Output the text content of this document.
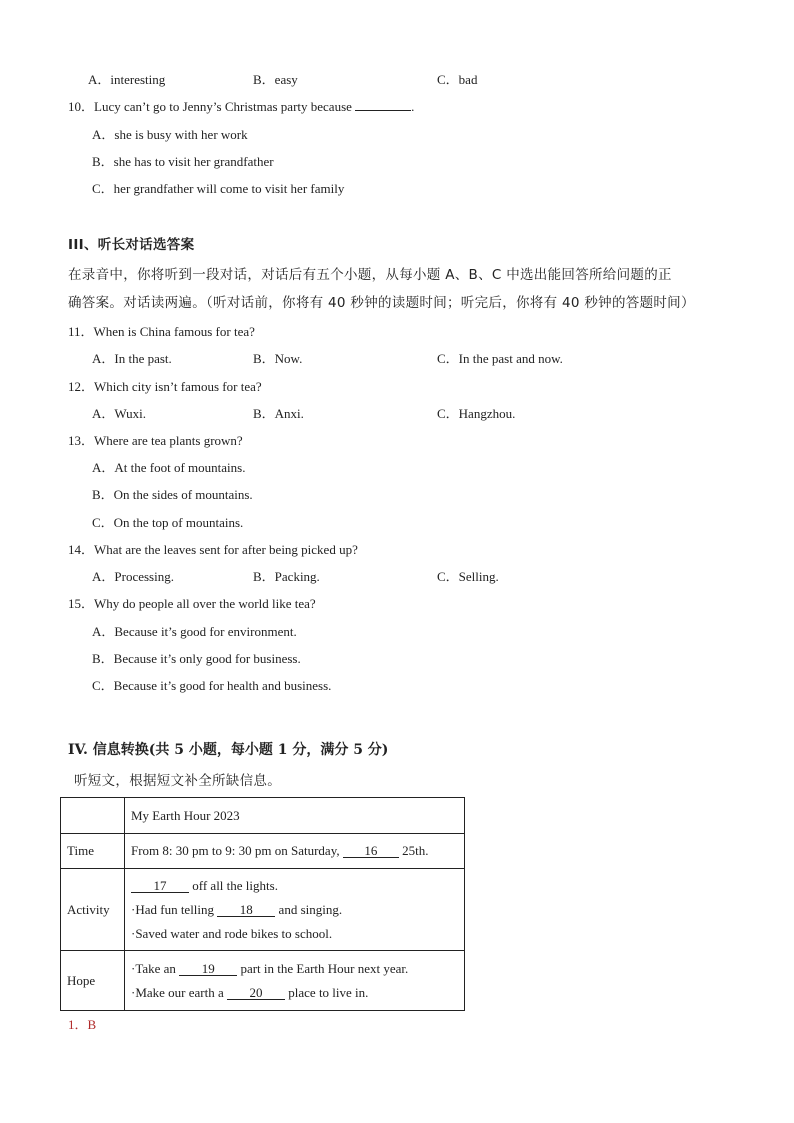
A．interesting	B．easy	C．bad
10．Lucy can’t go to Jenny’s Christmas party because	.
A．she is busy with her work
B．she has to visit her grandfather
C．her grandfather will come to visit her family
III、听长对话选答案
在录音中，你将听到一段对话，对话后有五个小题，从每小题 A、B、C 中选出能回答所给问题的正
确答案。对话读两遍。（听对话前，你将有 40 秒钟的读题时间；听完后，你将有 40 秒钟的答题时间）
11．When is China famous for tea?
A．In the past.	B．Now.	C．In the past and now.
12．Which city isn’t famous for tea?
A．Wuxi.	B．Anxi.	C．Hangzhou.
13．Where are tea plants grown?
A．At the foot of mountains.
B．On the sides of mountains.
C．On the top of mountains.
14．What are the leaves sent for after being picked up?
A．Processing.	B．Packing.	C．Selling.
15．Why do people all over the world like tea?
A．Because it’s good for environment.
B．Because it’s only good for business.
C．Because it’s good for health and business.
IV. 信息转换(共 5 小题，每小题 1 分，满分 5 分)
听短文，根据短文补全所缺信息。
	My Earth Hour 2023
Time	From 8: 30 pm to 9: 30 pm on Saturday, 16 25th.
Activity	17 off all the lights.
·Had fun telling 18 and singing.
·Saved water and rode bikes to school.

Hope	·Take an 19 part in the Earth Hour next year.
·Make our earth a 20 place to live in.
1．B
